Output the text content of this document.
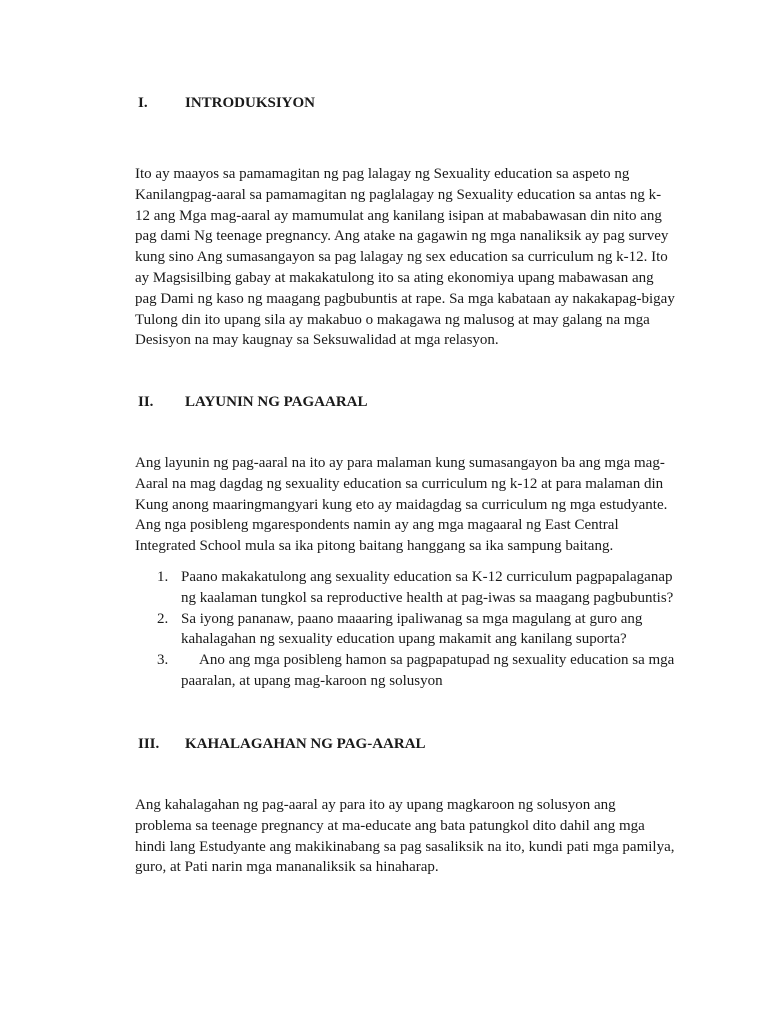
I. INTRODUKSIYON
Ito ay maayos sa pamamagitan ng pag lalagay ng Sexuality education sa aspeto ng
Kanilangpag-aaral sa pamamagitan ng paglalagay ng Sexuality education sa antas ng k-
12 ang Mga mag-aaral ay mamumulat ang kanilang isipan at mababawasan din nito ang
pag dami Ng teenage pregnancy. Ang atake na gagawin ng mga nanaliksik ay pag survey
kung sino Ang sumasangayon sa pag lalagay ng sex education sa curriculum ng k-12. Ito
ay Magsisilbing gabay at makakatulong ito sa ating ekonomiya upang mabawasan ang
pag Dami ng kaso ng maagang pagbubuntis at rape. Sa mga kabataan ay nakakapag-bigay
Tulong din ito upang sila ay makabuo o makagawa ng malusog at may galang na mga
Desisyon na may kaugnay sa Seksuwalidad at mga relasyon.
II. LAYUNIN NG PAGAARAL
Ang layunin ng pag-aaral na ito ay para malaman kung sumasangayon ba ang mga mag-
Aaral na mag dagdag ng sexuality education sa curriculum ng k-12 at para malaman din
Kung anong maaringmangyari kung eto ay maidagdag sa curriculum ng mga estudyante.
Ang nga posibleng mgarespondents namin ay ang mga magaaral ng East Central
Integrated School mula sa ika pitong baitang hanggang sa ika sampung baitang.
1. Paano makakatulong ang sexuality education sa K-12 curriculum pagpapalaganap
ng kaalaman tungkol sa reproductive health at pag-iwas sa maagang pagbubuntis?
2. Sa iyong pananaw, paano maaaring ipaliwanag sa mga magulang at guro ang
kahalagahan ng sexuality education upang makamit ang kanilang suporta?
3.	Ano ang mga posibleng hamon sa pagpapatupad ng sexuality education sa mga
paaralan, at upang mag-karoon ng solusyon
III. KAHALAGAHAN NG PAG-AARAL
Ang kahalagahan ng pag-aaral ay para ito ay upang magkaroon ng solusyon ang
problema sa teenage pregnancy at ma-educate ang bata patungkol dito dahil ang mga
hindi lang Estudyante ang makikinabang sa pag sasaliksik na ito, kundi pati mga pamilya,
guro, at Pati narin mga mananaliksik sa hinaharap.
